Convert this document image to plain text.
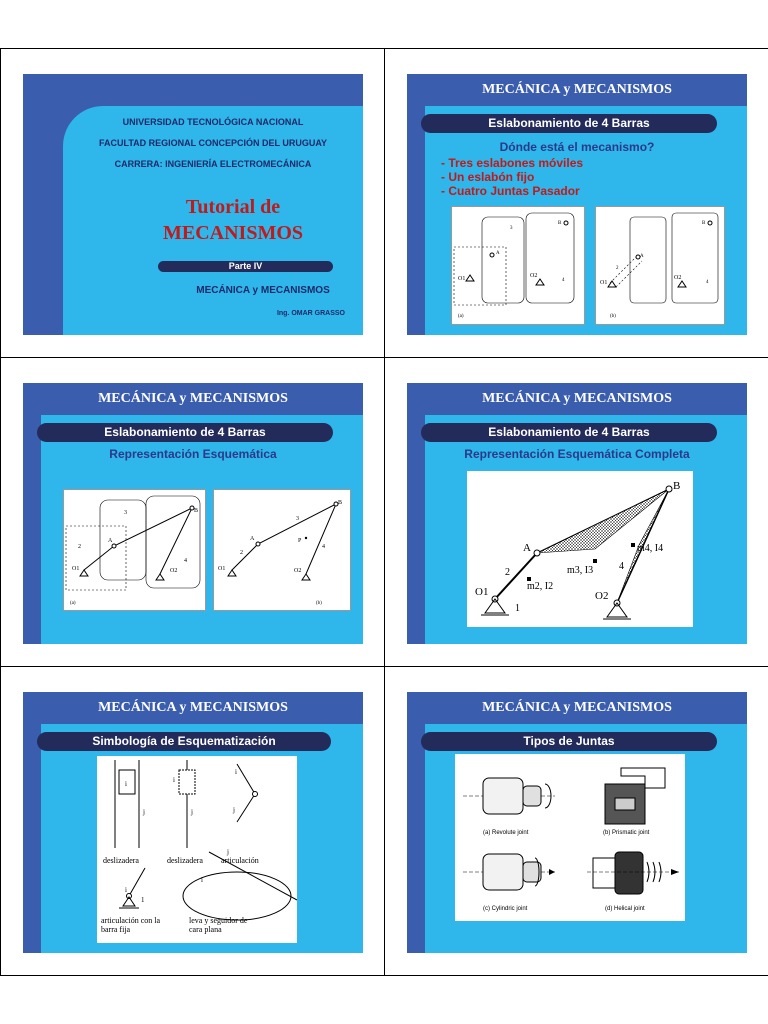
UNIVERSIDAD TECNOLÓGICA NACIONAL
FACULTAD REGIONAL CONCEPCIÓN DEL URUGUAY
CARRERA: INGENIERÍA ELECTROMECÁNICA
Tutorial de
MECANISMOS
Parte IV
MECÁNICA y MECANISMOS
Ing. OMAR GRASSO
MECÁNICA y MECANISMOS
Eslabonamiento de 4 Barras
Dónde está el mecanismo?
- Tres eslabones móviles
- Un eslabón fijo
- Cuatro Juntas Pasador
O1	O2
A
B
3
4
(a)
O1
O2
A
B
2
4
(b)
MECÁNICA y MECANISMOS
Eslabonamiento de 4 Barras
Representación Esquemática
O1	O2
A
B
3
2
4
(a)
O1	O2
A
B
3
2
P
4
(b)
MECÁNICA y MECANISMOS
Eslabonamiento de 4 Barras
Representación Esquemática Completa
A
B
O1	O2
1
2
4
m2, I2
m3, I3
m4, I4
MECÁNICA y MECANISMOS
Simbología de Esquematización
i
j
i
j
i
j
i
1
i
j
deslizadera	deslizadera articulación
articulación con la barra fija
leva y seguidor de cara plana
MECÁNICA y MECANISMOS
Tipos de Juntas
(a) Revolute joint	(b) Prismatic joint
(c) Cylindric joint	(d) Helical joint
